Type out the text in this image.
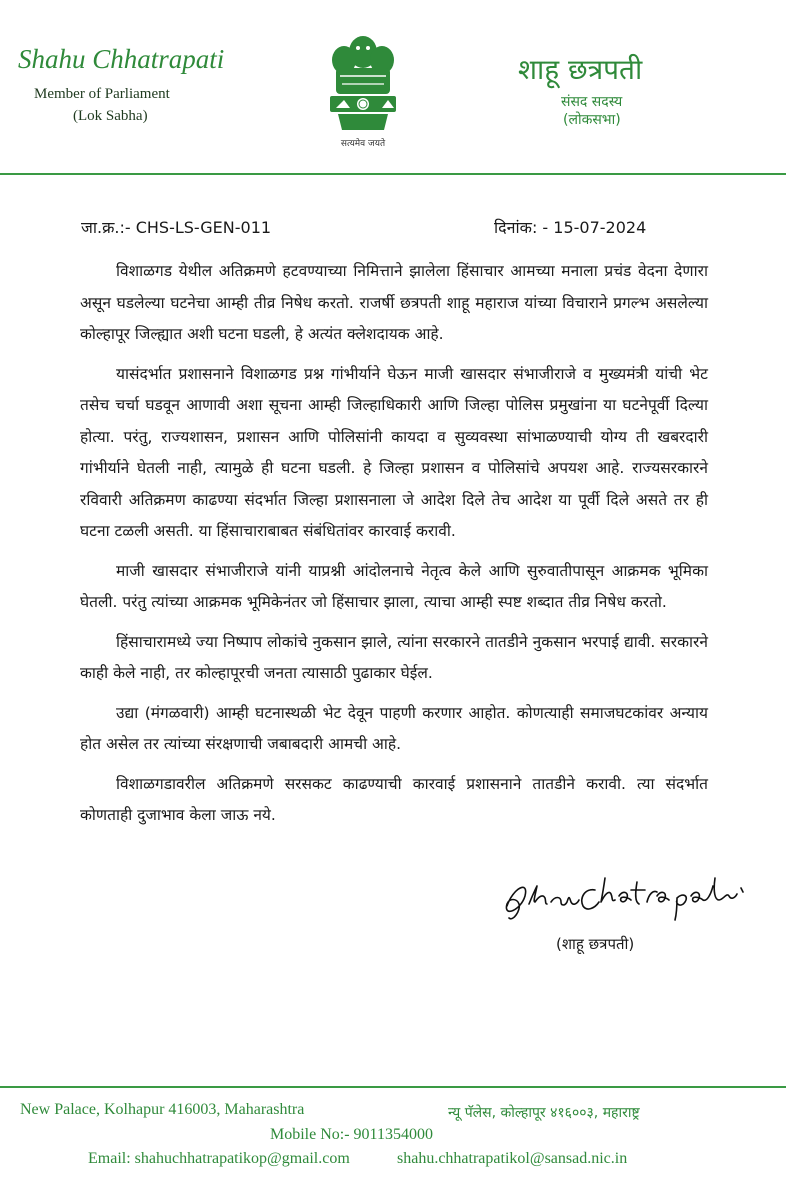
Shahu Chhatrapati
Member of Parliament
(Lok Sabha)
सत्यमेव जयते
शाहू छत्रपती
संसद सदस्य
(लोकसभा)
जा.क्र.:- CHS-LS-GEN-011	दिनांक: - 15-07-2024

विशाळगड येथील अतिक्रमणे हटवण्याच्या निमित्ताने झालेला हिंसाचार आमच्या मनाला प्रचंड वेदना देणारा असून घडलेल्या घटनेचा आम्ही तीव्र निषेध करतो. राजर्षी छत्रपती शाहू महाराज यांच्या विचाराने प्रगल्भ असलेल्या कोल्हापूर जिल्ह्यात अशी घटना घडली, हे अत्यंत क्लेशदायक आहे.

यासंदर्भात प्रशासनाने विशाळगड प्रश्न गांभीर्याने घेऊन माजी खासदार संभाजीराजे व मुख्यमंत्री यांची भेट तसेच चर्चा घडवून आणावी अशा सूचना आम्ही जिल्हाधिकारी आणि जिल्हा पोलिस प्रमुखांना या घटनेपूर्वी दिल्या होत्या. परंतु, राज्यशासन, प्रशासन आणि पोलिसांनी कायदा व सुव्यवस्था सांभाळण्याची योग्य ती खबरदारी गांभीर्याने घेतली नाही, त्यामुळे ही घटना घडली. हे जिल्हा प्रशासन व पोलिसांचे अपयश आहे. राज्यसरकारने रविवारी अतिक्रमण काढण्या संदर्भात जिल्हा प्रशासनाला जे आदेश दिले तेच आदेश या पूर्वी दिले असते तर ही घटना टळली असती. या हिंसाचाराबाबत संबंधितांवर कारवाई करावी.

माजी खासदार संभाजीराजे यांनी याप्रश्नी आंदोलनाचे नेतृत्व केले आणि सुरुवातीपासून आक्रमक भूमिका घेतली. परंतु त्यांच्या आक्रमक भूमिकेनंतर जो हिंसाचार झाला, त्याचा आम्ही स्पष्ट शब्दात तीव्र निषेध करतो.

हिंसाचारामध्ये ज्या निष्पाप लोकांचे नुकसान झाले, त्यांना सरकारने तातडीने नुकसान भरपाई द्यावी. सरकारने काही केले नाही, तर कोल्हापूरची जनता त्यासाठी पुढाकार घेईल.

उद्या (मंगळवारी) आम्ही घटनास्थळी भेट देवून पाहणी करणार आहोत. कोणत्याही समाजघटकांवर अन्याय होत असेल तर त्यांच्या संरक्षणाची जबाबदारी आमची आहे.

विशाळगडावरील अतिक्रमणे सरसकट काढण्याची कारवाई प्रशासनाने तातडीने करावी. त्या संदर्भात कोणताही दुजाभाव केला जाऊ नये.

(शाहू छत्रपती)
New Palace, Kolhapur 416003, Maharashtra	न्यू पॅलेस, कोल्हापूर ४१६००३, महाराष्ट्र
Mobile No:- 9011354000
Email: shahuchhatrapatikop@gmail.com	shahu.chhatrapatikol@sansad.nic.in
